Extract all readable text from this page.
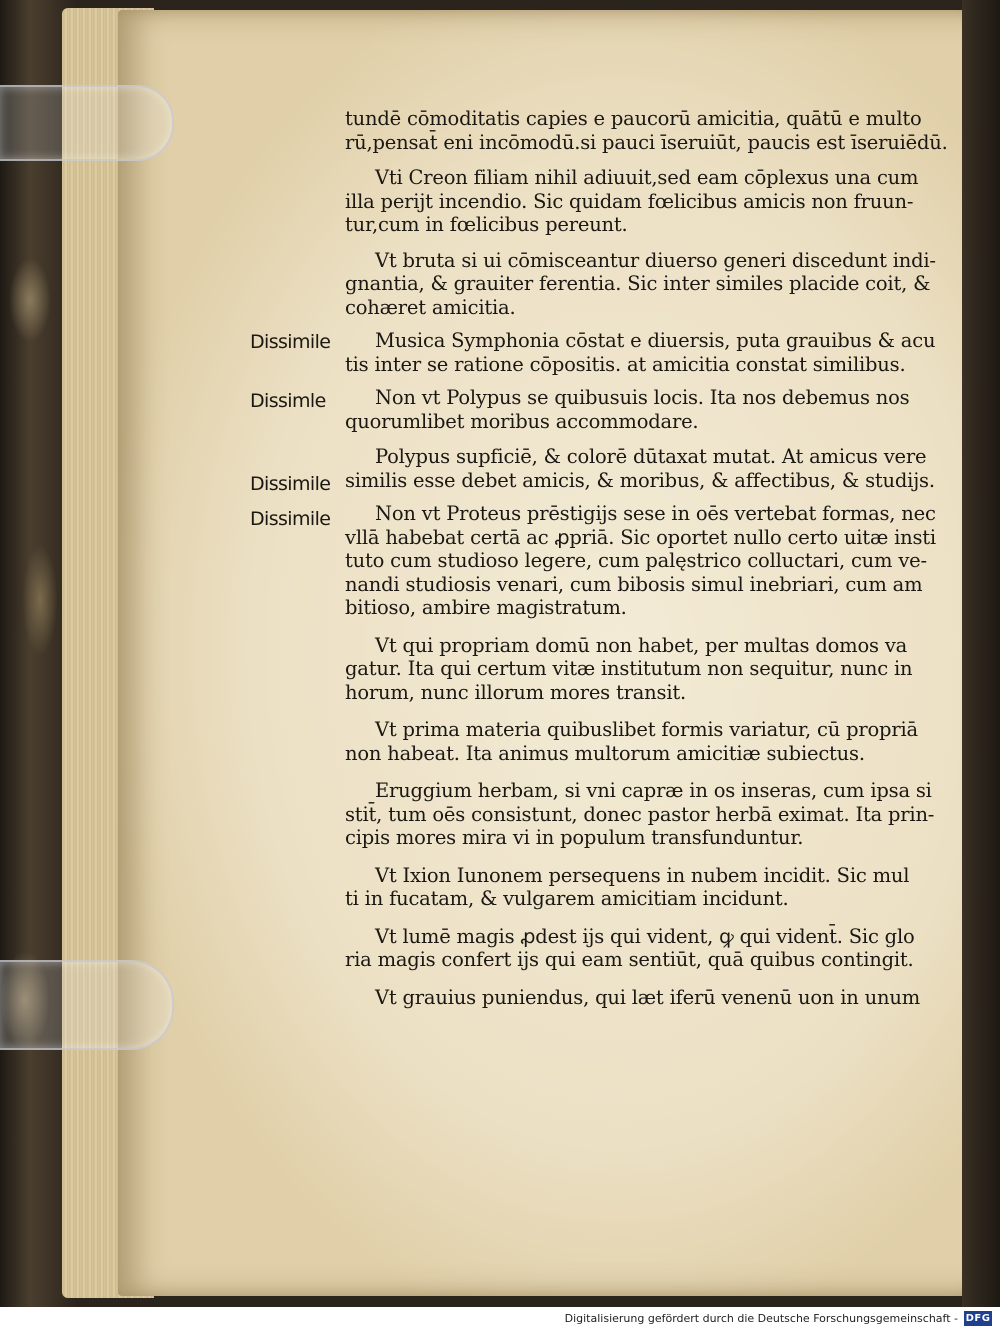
tundē cōmoditatis capies e paucorū amicitia, quātū e multo
rū,pensat̄ eni incōmodū.si pauci īseruiūt, paucis est īseruiēdū.
Vti Creon filiam nihil adiuuit,sed eam cōplexus una cum
illa perijt incendio. Sic quidam fœlicibus amicis non fruun-
tur,cum in fœlicibus pereunt.
Vt bruta si ui cōmisceantur diuerso generi discedunt indi-
gnantia, & grauiter ferentia. Sic inter similes placide coit, &
cohæret amicitia.
Dissimile	Musica Symphonia cōstat e diuersis, puta grauibus & acu
tis inter se ratione cōpositis. at amicitia constat similibus.
Dissimle	Non vt Polypus se quibusuis locis. Ita nos debemus nos
quorumlibet moribus accommodare.
Dissimile
Polypus supficiē, & colorē dūtaxat mutat. At amicus vere
similis esse debet amicis, & moribus, & affectibus, & studijs.
Dissimile	Non vt Proteus prēstigijs sese in oēs vertebat formas, nec
vllā habebat certā ac ꝓpriā. Sic oportet nullo certo uitæ insti
tuto cum studioso legere, cum palęstrico colluctari, cum ve-
nandi studiosis venari, cum bibosis simul inebriari, cum am
bitioso, ambire magistratum.
Vt qui propriam domū non habet, per multas domos va
gatur. Ita qui certum vitæ institutum non sequitur, nunc in
horum, nunc illorum mores transit.
Vt prima materia quibuslibet formis variatur, cū propriā
non habeat. Ita animus multorum amicitiæ subiectus.
Eruggium herbam, si vni capræ in os inseras, cum ipsa si
stit̄, tum oēs consistunt, donec pastor herbā eximat. Ita prin-
cipis mores mira vi in populum transfunduntur.
Vt Ixion Iunonem persequens in nubem incidit. Sic mul
ti in fucatam, & vulgarem amicitiam incidunt.
Vt lumē magis ꝓdest ijs qui vident, ꝙ qui vident̄. Sic glo
ria magis confert ijs qui eam sentiūt, quā quibus contingit.
Vt grauius puniendus, qui læt iferū venenū uon in unum
Digitalisierung gefördert durch die Deutsche Forschungsgemeinschaft - DFG
